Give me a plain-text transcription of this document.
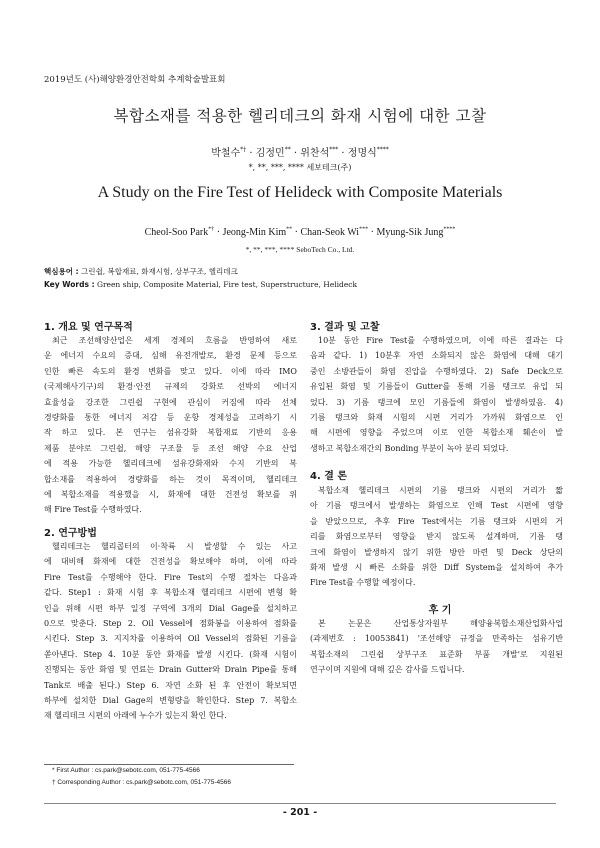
2019년도 (사)해양환경안전학회 추계학술발표회
복합소재를 적용한 헬리데크의 화재 시험에 대한 고찰
박철수*† · 김정민** · 위찬석*** · 정명식****
*, **, ***, **** 세보테크(주)
A Study on the Fire Test of Helideck with Composite Materials
Cheol-Soo Park*† · Jeong-Min Kim** · Chan-Seok Wi*** · Myung-Sik Jung****
*, **, ***, **** SeboTech Co., Ltd.
핵심용어 : 그린쉽, 복합재료, 화재시험, 상부구조, 헬리데크
Key Words : Green ship, Composite Material, Fire test, Superstructure, Helideck
1. 개요 및 연구목적
최근 조선해양산업은 세계 경제의 흐름을 반영하여 새로
운 에너지 수요의 증대, 심해 유전개발로, 환경 문제 등으로
인한 빠른 속도의 환경 변화를 맞고 있다. 이에 따라 IMO
(국제해사기구)의 환경·안전 규제의 강화로 선박의 에너지
효율성을 강조한 그린쉽 구현에 관심이 커짐에 따라 선체
경량화를 통한 에너지 저감 등 운항 경제성을 고려하기 시
작 하고 있다. 본 연구는 섬유강화 복합재료 기반의 응용
제품 분야로 그린쉽, 해양 구조물 등 조선 해양 수요 산업
에 적용 가능한 헬리데크에 섬유강화재와 수지 기반의 복
합소재를 적용하여 경량화를 하는 것이 목적이며, 헬리데크
에 복합소재를 적용했을 시, 화재에 대한 건전성 확보를 위
해 Fire Test를 수행하였다.
2. 연구방법
헬리데크는 헬리콥터의 이·착륙 시 발생할 수 있는 사고
에 대비해 화재에 대한 건전성을 확보해야 하며, 이에 따라
Fire Test를 수행해야 한다. Fire Test의 수행 절차는 다음과
같다. Step1 : 화재 시험 후 복합소재 헬리데크 시편에 변형 확
인을 위해 시편 하부 일정 구역에 3개의 Dial Gage를 설치하고
0으로 맞춘다. Step 2. Oil Vessel에 점화봉을 이용하여 점화를
시킨다. Step 3. 지지차를 이용하여 Oil Vessel의 점화된 기름을
쏟아낸다. Step 4. 10분 동안 화재를 발생 시킨다. (화재 시험이
진행되는 동안 화염 및 연료는 Drain Gutter와 Drain Pipe를 통해
Tank로 배출 된다.) Step 6. 자연 소화 된 후 안전이 확보되면
하부에 설치한 Dial Gage의 변형량을 확인한다. Step 7. 복합소
재 헬리데크 시편의 아래에 누수가 있는지 확인 한다.
3. 결과 및 고찰
10분 동안 Fire Test를 수행하였으며, 이에 따른 결과는 다
음과 같다. 1) 10분후 자연 소화되지 않은 화염에 대해 대기
중인 소방관들이 화염 진압을 수행하였다. 2) Safe Deck으로
유입된 화염 및 기름들이 Gutter를 통해 기름 탱크로 유입 되
었다. 3) 기름 탱크에 모인 기름들에 화염이 발생하였음. 4)
기름 탱크와 화재 시험의 시편 거리가 가까워 화염으로 인
해 시편에 영향을 주었으며 이로 인한 복합소재 훼손이 발
생하고 복합소재간의 Bonding 부분이 녹아 분리 되었다.
4. 결 론
복합소재 헬리데크 시편의 기름 탱크와 시편의 거리가 짧
아 기름 탱크에서 발생하는 화염으로 인해 Test 시편에 영향
을 받았으므로, 추후 Fire Test에서는 기름 탱크와 시편의 거
리를 화염으로부터 영향을 받지 않도록 설계하며, 기름 탱
크에 화염이 발생하지 않기 위한 방안 마련 및 Deck 상단의
화재 발생 시 빠른 소화를 위한 Diff System을 설치하여 추가
Fire Test를 수행할 예정이다.
후 기
본 논문은 산업통상자원부 해양융복합소재산업화사업
(과제번호 : 10053841) '조선해양 규정을 만족하는 섬유기반
복합소재의 그린쉽 상부구조 표준화 부품 개발'로 지원된
연구이며 지원에 대해 깊은 감사를 드립니다.
* First Author : cs.park@sebotc.com, 051-775-4566
† Corresponding Author : cs.park@sebotc.com, 051-775-4566
- 201 -
